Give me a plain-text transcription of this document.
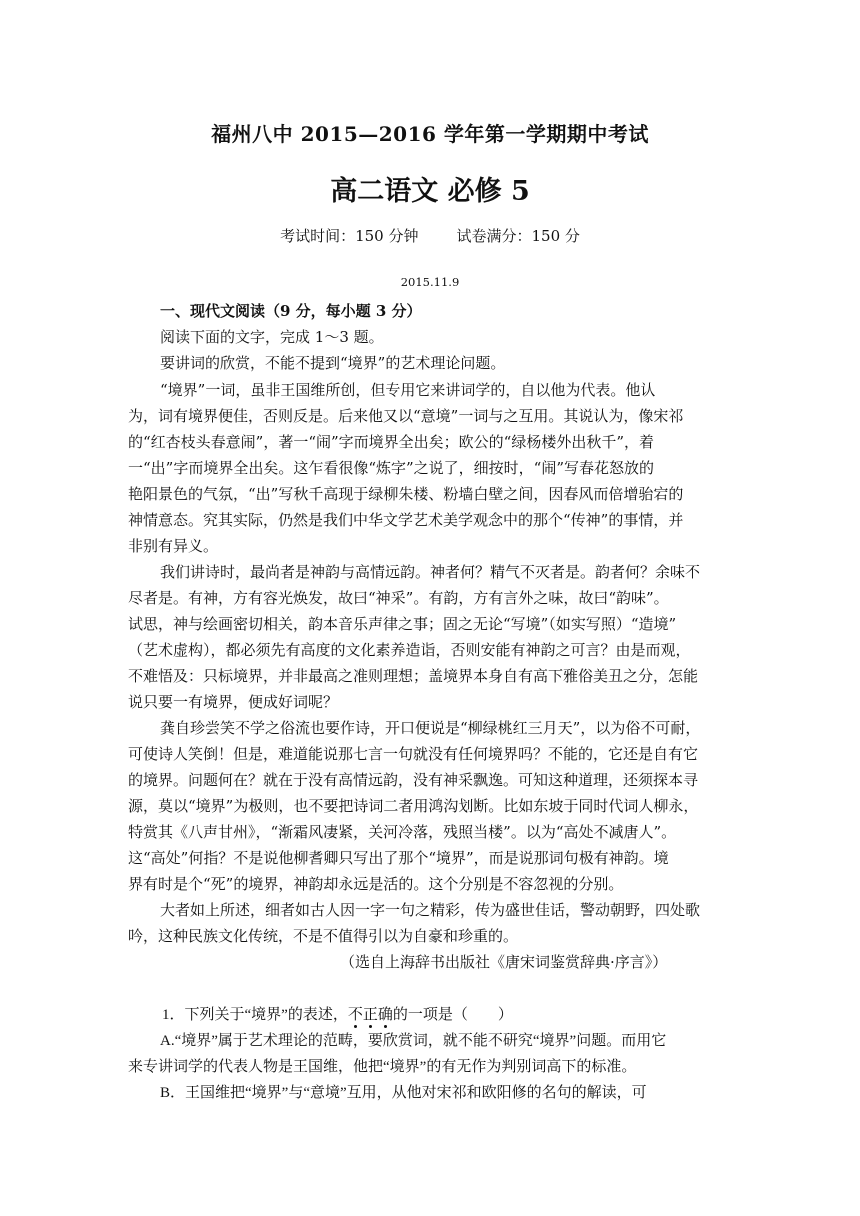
福州八中 2015—2016 学年第一学期期中考试
高二语文 必修 5
考试时间：150 分钟	试卷满分：150 分
2015.11.9
一、现代文阅读（9 分，每小题 3 分）
阅读下面的文字，完成 1～3 题。
要讲词的欣赏，不能不提到“境界”的艺术理论问题。
“境界”一词，虽非王国维所创，但专用它来讲词学的，自以他为代表。他认
为，词有境界便佳，否则反是。后来他又以“意境”一词与之互用。其说认为，像宋祁
的“红杏枝头春意闹”，著一“闹”字而境界全出矣；欧公的“绿杨楼外出秋千”，着
一“出”字而境界全出矣。这乍看很像“炼字”之说了，细按时，“闹”写春花怒放的
艳阳景色的气氛，“出”写秋千高现于绿柳朱楼、粉墙白壁之间，因春风而倍增骀宕的
神情意态。究其实际，仍然是我们中华文学艺术美学观念中的那个“传神”的事情，并
非别有异义。
我们讲诗时，最尚者是神韵与高情远韵。神者何？精气不灭者是。韵者何？余味不
尽者是。有神，方有容光焕发，故曰“神采”。有韵，方有言外之味，故曰“韵味”。
试思，神与绘画密切相关，韵本音乐声律之事；固之无论“写境”（如实写照）“造境”
（艺术虚构），都必须先有高度的文化素养造诣，否则安能有神韵之可言？由是而观，
不难悟及：只标境界，并非最高之准则理想；盖境界本身自有高下雅俗美丑之分，怎能
说只要一有境界，便成好词呢？
龚自珍尝笑不学之俗流也要作诗，开口便说是“柳绿桃红三月天”，以为俗不可耐，
可使诗人笑倒！但是，难道能说那七言一句就没有任何境界吗？不能的，它还是自有它
的境界。问题何在？就在于没有高情远韵，没有神采飘逸。可知这种道理，还须探本寻
源，莫以“境界”为极则，也不要把诗词二者用鸿沟划断。比如东坡于同时代词人柳永，
特赏其《八声甘州》，“渐霜风凄紧，关河冷落，残照当楼”。以为“高处不减唐人”。
这“高处”何指？不是说他柳耆卿只写出了那个“境界”，而是说那词句极有神韵。境
界有时是个“死”的境界，神韵却永远是活的。这个分别是不容忽视的分别。
大者如上所述，细者如古人因一字一句之精彩，传为盛世佳话，警动朝野，四处歌
吟，这种民族文化传统，不是不值得引以为自豪和珍重的。
（选自上海辞书出版社《唐宋词鉴赏辞典·序言》）
1．下列关于“境界”的表述，不正确的一项是（　　）
A.“境界”属于艺术理论的范畴，要欣赏词，就不能不研究“境界”问题。而用它
来专讲词学的代表人物是王国维，他把“境界”的有无作为判别词高下的标准。
B．王国维把“境界”与“意境”互用，从他对宋祁和欧阳修的名句的解读，可
